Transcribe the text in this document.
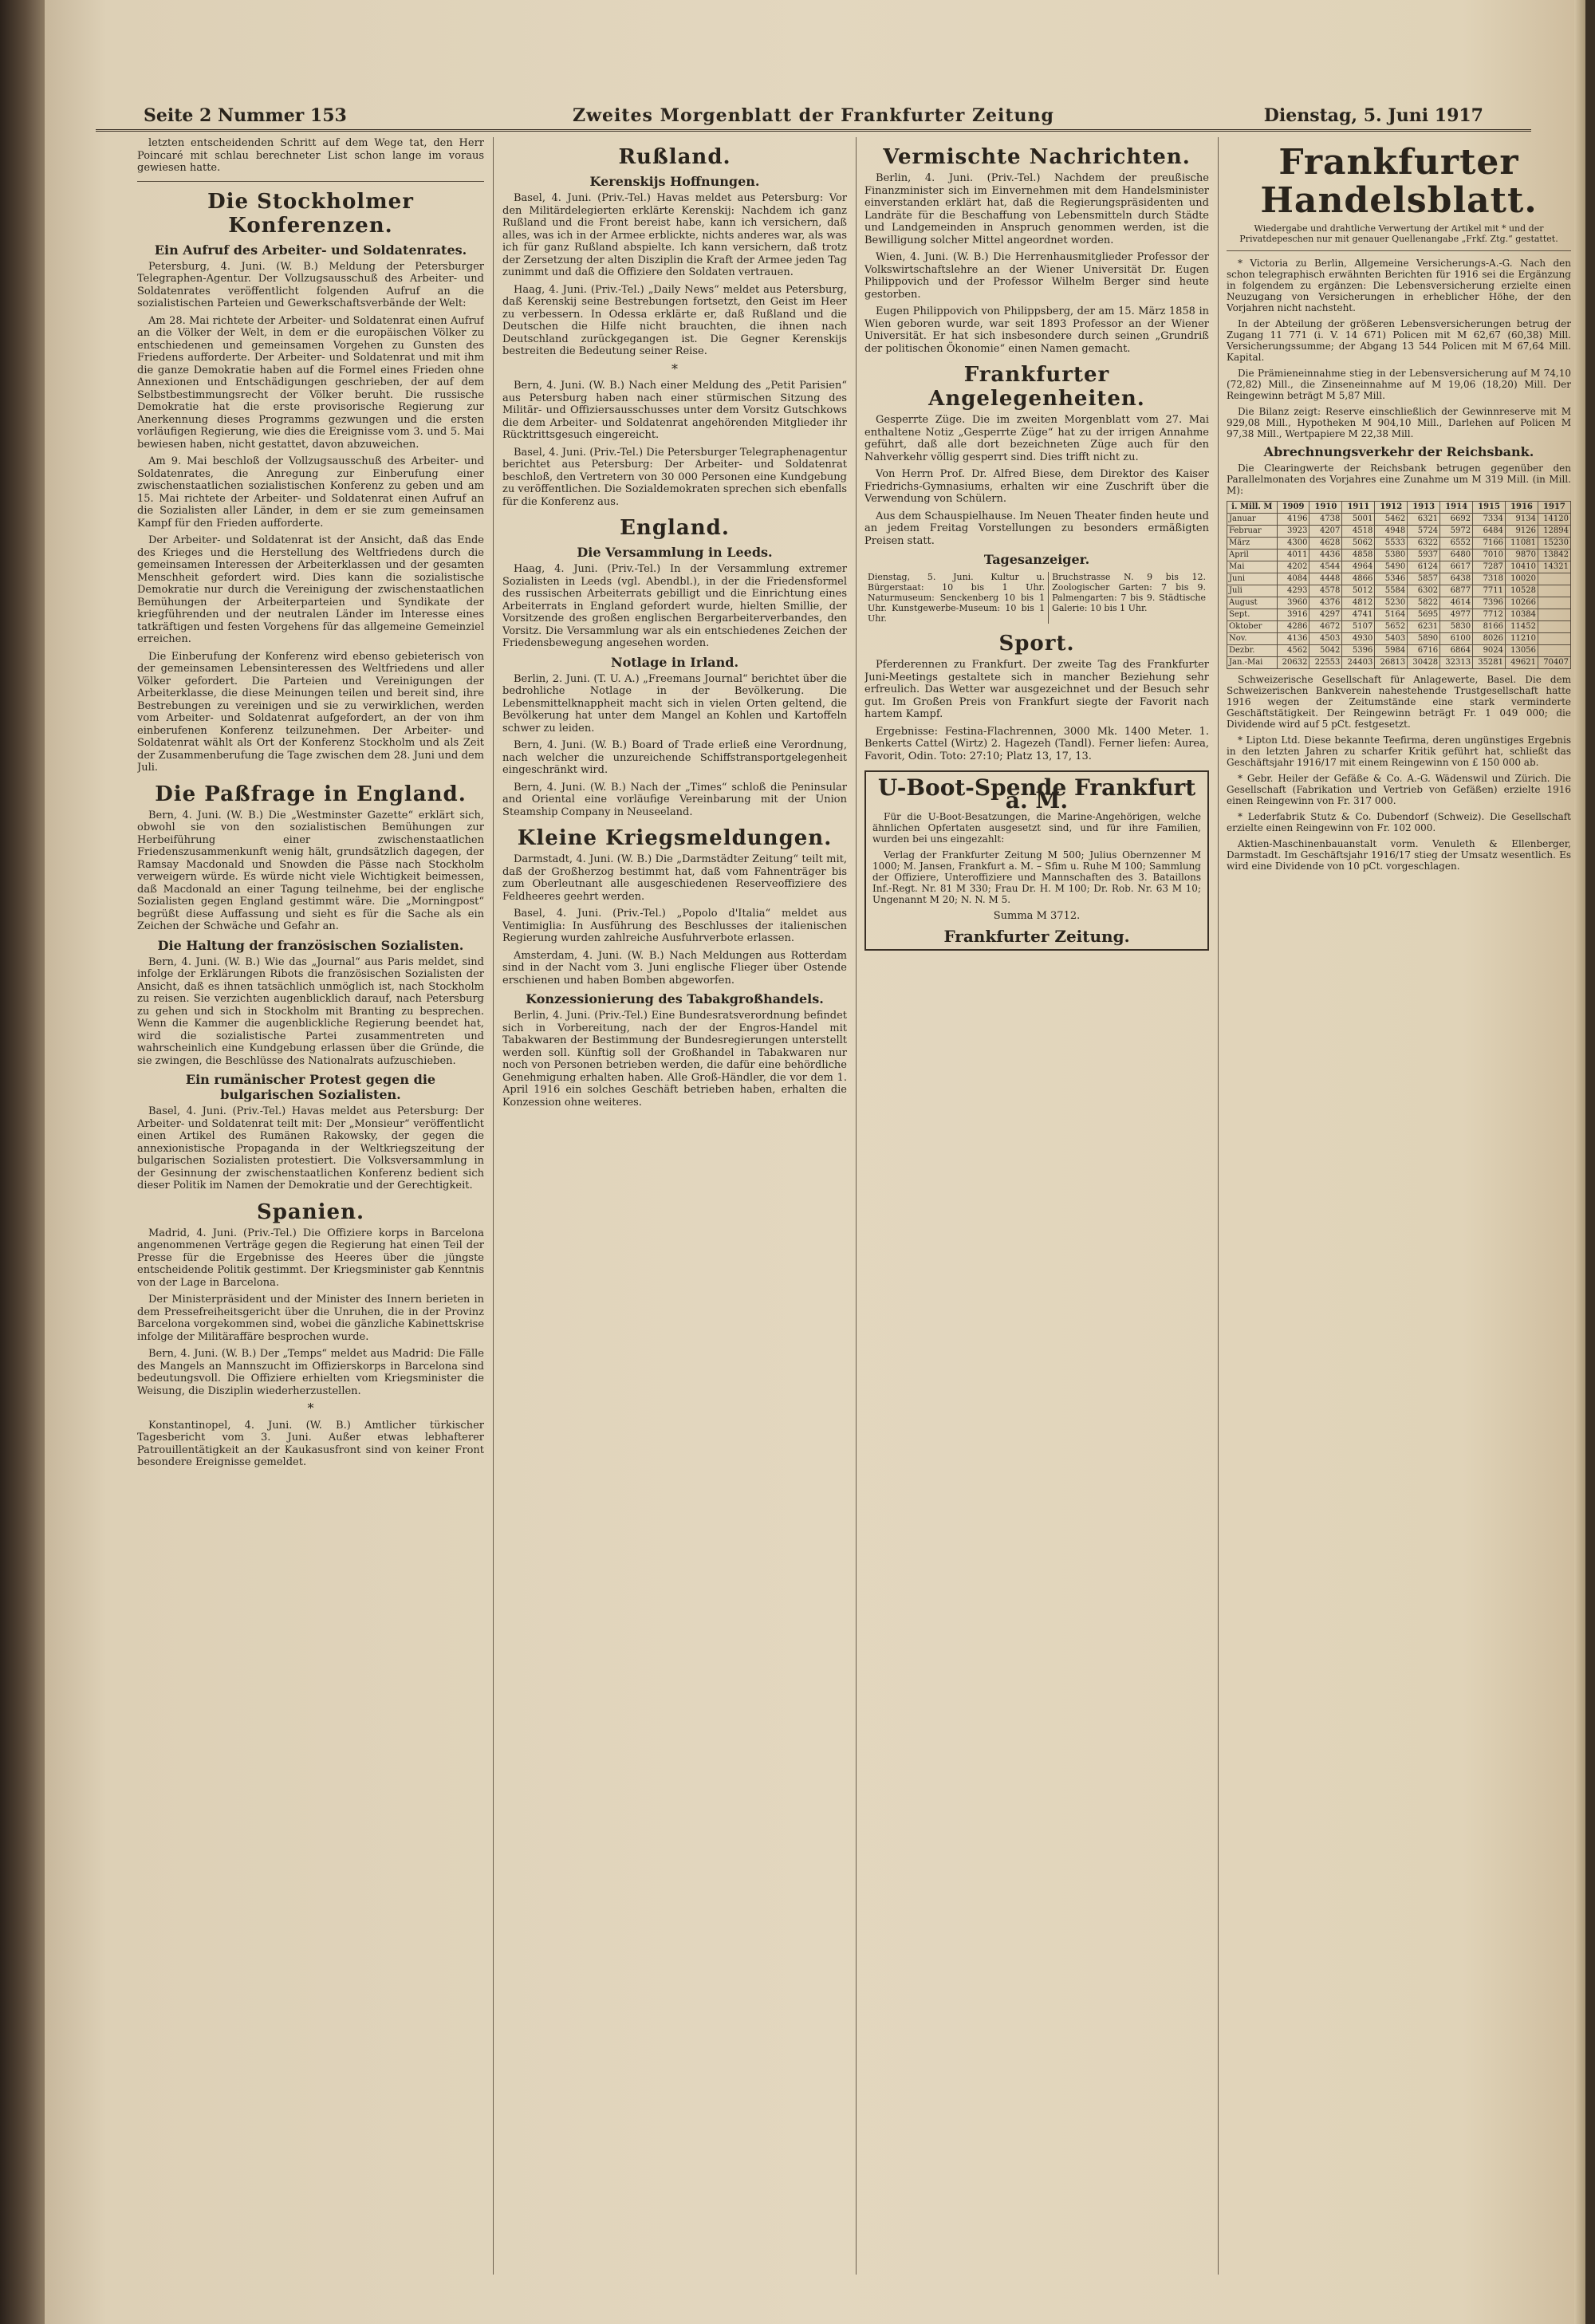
Seite 2 Nummer 153	Zweites Morgenblatt der Frankfurter Zeitung	Dienstag, 5. Juni 1917

letzten entscheidenden Schritt auf dem Wege tat, den Herr Poincaré mit schlau berechneter List schon lange im voraus gewiesen hatte.

Die Stockholmer Konferenzen.
Ein Aufruf des Arbeiter- und Soldatenrates.

Petersburg, 4. Juni. (W. B.) Meldung der Petersburger Telegraphen-Agentur. Der Vollzugsausschuß des Arbeiter- und Soldatenrates veröffentlicht folgenden Aufruf an die sozialistischen Parteien und Gewerkschaftsverbände der Welt:

Am 28. Mai richtete der Arbeiter- und Soldatenrat einen Aufruf an die Völker der Welt, in dem er die europäischen Völker zu entschiedenen und gemeinsamen Vorgehen zu Gunsten des Friedens aufforderte. Der Arbeiter- und Soldatenrat und mit ihm die ganze Demokratie haben auf die Formel eines Frieden ohne Annexionen und Entschädigungen geschrieben, der auf dem Selbstbestimmungsrecht der Völker beruht. Die russische Demokratie hat die erste provisorische Regierung zur Anerkennung dieses Programms gezwungen und die ersten vorläufigen Regierung, wie dies die Ereignisse vom 3. und 5. Mai bewiesen haben, nicht gestattet, davon abzuweichen.

Am 9. Mai beschloß der Vollzugsausschuß des Arbeiter- und Soldatenrates, die Anregung zur Einberufung einer zwischenstaatlichen sozialistischen Konferenz zu geben und am 15. Mai richtete der Arbeiter- und Soldatenrat einen Aufruf an die Sozialisten aller Länder, in dem er sie zum gemeinsamen Kampf für den Frieden aufforderte.

Der Arbeiter- und Soldatenrat ist der Ansicht, daß das Ende des Krieges und die Herstellung des Weltfriedens durch die gemeinsamen Interessen der Arbeiterklassen und der gesamten Menschheit gefordert wird. Dies kann die sozialistische Demokratie nur durch die Vereinigung der zwischenstaatlichen Bemühungen der Arbeiterparteien und Syndikate der kriegführenden und der neutralen Länder im Interesse eines tatkräftigen und festen Vorgehens für das allgemeine Gemeinziel erreichen.

Die Einberufung der Konferenz wird ebenso gebieterisch von der gemeinsamen Lebensinteressen des Weltfriedens und aller Völker gefordert. Die Parteien und Vereinigungen der Arbeiterklasse, die diese Meinungen teilen und bereit sind, ihre Bestrebungen zu vereinigen und sie zu verwirklichen, werden vom Arbeiter- und Soldatenrat aufgefordert, an der von ihm einberufenen Konferenz teilzunehmen. Der Arbeiter- und Soldatenrat wählt als Ort der Konferenz Stockholm und als Zeit der Zusammenberufung die Tage zwischen dem 28. Juni und dem Juli.

Die Paßfrage in England.

Bern, 4. Juni. (W. B.) Die „Westminster Gazette“ erklärt sich, obwohl sie von den sozialistischen Bemühungen zur Herbeiführung einer zwischenstaatlichen Friedenszusammenkunft wenig hält, grundsätzlich dagegen, der Ramsay Macdonald und Snowden die Pässe nach Stockholm verweigern würde. Es würde nicht viele Wichtigkeit beimessen, daß Macdonald an einer Tagung teilnehme, bei der englische Sozialisten gegen England gestimmt wäre. Die „Morningpost“ begrüßt diese Auffassung und sieht es für die Sache als ein Zeichen der Schwäche und Gefahr an.

Die Haltung der französischen Sozialisten.

Bern, 4. Juni. (W. B.) Wie das „Journal“ aus Paris meldet, sind infolge der Erklärungen Ribots die französischen Sozialisten der Ansicht, daß es ihnen tatsächlich unmöglich ist, nach Stockholm zu reisen. Sie verzichten augenblicklich darauf, nach Petersburg zu gehen und sich in Stockholm mit Branting zu besprechen. Wenn die Kammer die augenblickliche Regierung beendet hat, wird die sozialistische Partei zusammentreten und wahrscheinlich eine Kundgebung erlassen über die Gründe, die sie zwingen, die Beschlüsse des Nationalrats aufzuschieben.

Ein rumänischer Protest gegen die bulgarischen Sozialisten.

Basel, 4. Juni. (Priv.-Tel.) Havas meldet aus Petersburg: Der Arbeiter- und Soldatenrat teilt mit: Der „Monsieur“ veröffentlicht einen Artikel des Rumänen Rakowsky, der gegen die annexionistische Propaganda in der Weltkriegszeitung der bulgarischen Sozialisten protestiert. Die Volksversammlung in der Gesinnung der zwischenstaatlichen Konferenz bedient sich dieser Politik im Namen der Demokratie und der Gerechtigkeit.

Spanien.

Madrid, 4. Juni. (Priv.-Tel.) Die Offiziere korps in Barcelona angenommenen Verträge gegen die Regierung hat einen Teil der Presse für die Ergebnisse des Heeres über die jüngste entscheidende Politik gestimmt. Der Kriegsminister gab Kenntnis von der Lage in Barcelona.

Der Ministerpräsident und der Minister des Innern berieten in dem Pressefreiheitsgericht über die Unruhen, die in der Provinz Barcelona vorgekommen sind, wobei die gänzliche Kabinettskrise infolge der Militäraffäre besprochen wurde.

Bern, 4. Juni. (W. B.) Der „Temps“ meldet aus Madrid: Die Fälle des Mangels an Mannszucht im Offizierskorps in Barcelona sind bedeutungsvoll. Die Offiziere erhielten vom Kriegsminister die Weisung, die Disziplin wiederherzustellen.

*

Konstantinopel, 4. Juni. (W. B.) Amtlicher türkischer Tagesbericht vom 3. Juni. Außer etwas lebhafterer Patrouillentätigkeit an der Kaukasusfront sind von keiner Front besondere Ereignisse gemeldet.

Rußland.
Kerenskijs Hoffnungen.

Basel, 4. Juni. (Priv.-Tel.) Havas meldet aus Petersburg: Vor den Militärdelegierten erklärte Kerenskij: Nachdem ich ganz Rußland und die Front bereist habe, kann ich versichern, daß alles, was ich in der Armee erblickte, nichts anderes war, als was ich für ganz Rußland abspielte. Ich kann versichern, daß trotz der Zersetzung der alten Disziplin die Kraft der Armee jeden Tag zunimmt und daß die Offiziere den Soldaten vertrauen.

Haag, 4. Juni. (Priv.-Tel.) „Daily News“ meldet aus Petersburg, daß Kerenskij seine Bestrebungen fortsetzt, den Geist im Heer zu verbessern. In Odessa erklärte er, daß Rußland und die Deutschen die Hilfe nicht brauchten, die ihnen nach Deutschland zurückgegangen ist. Die Gegner Kerenskijs bestreiten die Bedeutung seiner Reise.

*

Bern, 4. Juni. (W. B.) Nach einer Meldung des „Petit Parisien“ aus Petersburg haben nach einer stürmischen Sitzung des Militär- und Offiziersausschusses unter dem Vorsitz Gutschkows die dem Arbeiter- und Soldatenrat angehörenden Mitglieder ihr Rücktrittsgesuch eingereicht.

Basel, 4. Juni. (Priv.-Tel.) Die Petersburger Telegraphenagentur berichtet aus Petersburg: Der Arbeiter- und Soldatenrat beschloß, den Vertretern von 30 000 Personen eine Kundgebung zu veröffentlichen. Die Sozialdemokraten sprechen sich ebenfalls für die Konferenz aus.

England.
Die Versammlung in Leeds.

Haag, 4. Juni. (Priv.-Tel.) In der Versammlung extremer Sozialisten in Leeds (vgl. Abendbl.), in der die Friedensformel des russischen Arbeiterrats gebilligt und die Einrichtung eines Arbeiterrats in England gefordert wurde, hielten Smillie, der Vorsitzende des großen englischen Bergarbeiterverbandes, den Vorsitz. Die Versammlung war als ein entschiedenes Zeichen der Friedensbewegung angesehen worden.

Notlage in Irland.

Berlin, 2. Juni. (T. U. A.) „Freemans Journal“ berichtet über die bedrohliche Notlage in der Bevölkerung. Die Lebensmittelknappheit macht sich in vielen Orten geltend, die Bevölkerung hat unter dem Mangel an Kohlen und Kartoffeln schwer zu leiden.

Bern, 4. Juni. (W. B.) Board of Trade erließ eine Verordnung, nach welcher die unzureichende Schiffstransportgelegenheit eingeschränkt wird.

Bern, 4. Juni. (W. B.) Nach der „Times“ schloß die Peninsular and Oriental eine vorläufige Vereinbarung mit der Union Steamship Company in Neuseeland.

Kleine Kriegsmeldungen.

Darmstadt, 4. Juni. (W. B.) Die „Darmstädter Zeitung“ teilt mit, daß der Großherzog bestimmt hat, daß vom Fahnenträger bis zum Oberleutnant alle ausgeschiedenen Reserveoffiziere des Feldheeres geehrt werden.

Basel, 4. Juni. (Priv.-Tel.) „Popolo d'Italia“ meldet aus Ventimiglia: In Ausführung des Beschlusses der italienischen Regierung wurden zahlreiche Ausfuhrverbote erlassen.

Amsterdam, 4. Juni. (W. B.) Nach Meldungen aus Rotterdam sind in der Nacht vom 3. Juni englische Flieger über Ostende erschienen und haben Bomben abgeworfen.

Konzessionierung des Tabakgroßhandels.

Berlin, 4. Juni. (Priv.-Tel.) Eine Bundesratsverordnung befindet sich in Vorbereitung, nach der der Engros-Handel mit Tabakwaren der Bestimmung der Bundesregierungen unterstellt werden soll. Künftig soll der Großhandel in Tabakwaren nur noch von Personen betrieben werden, die dafür eine behördliche Genehmigung erhalten haben. Alle Groß-Händler, die vor dem 1. April 1916 ein solches Geschäft betrieben haben, erhalten die Konzession ohne weiteres.

Vermischte Nachrichten.

Berlin, 4. Juni. (Priv.-Tel.) Nachdem der preußische Finanzminister sich im Einvernehmen mit dem Handelsminister einverstanden erklärt hat, daß die Regierungspräsidenten und Landräte für die Beschaffung von Lebensmitteln durch Städte und Landgemeinden in Anspruch genommen werden, ist die Bewilligung solcher Mittel angeordnet worden.

Wien, 4. Juni. (W. B.) Die Herrenhausmitglieder Professor der Volkswirtschaftslehre an der Wiener Universität Dr. Eugen Philippovich und der Professor Wilhelm Berger sind heute gestorben.

Eugen Philippovich von Philippsberg, der am 15. März 1858 in Wien geboren wurde, war seit 1893 Professor an der Wiener Universität. Er hat sich insbesondere durch seinen „Grundriß der politischen Ökonomie“ einen Namen gemacht.

Frankfurter Angelegenheiten.

Gesperrte Züge. Die im zweiten Morgenblatt vom 27. Mai enthaltene Notiz „Gesperrte Züge“ hat zu der irrigen Annahme geführt, daß alle dort bezeichneten Züge auch für den Nahverkehr völlig gesperrt sind. Dies trifft nicht zu.

Von Herrn Prof. Dr. Alfred Biese, dem Direktor des Kaiser Friedrichs-Gymnasiums, erhalten wir eine Zuschrift über die Verwendung von Schülern.

Aus dem Schauspielhause. Im Neuen Theater finden heute und an jedem Freitag Vorstellungen zu besonders ermäßigten Preisen statt.

Tagesanzeiger.
Dienstag, 5. Juni. Kultur u. Bürgerstaat: 10 bis 1 Uhr. Naturmuseum: Senckenberg 10 bis 1 Uhr. Kunstgewerbe-Museum: 10 bis 1 Uhr.	Bruchstrasse N. 9 bis 12. Zoologischer Garten: 7 bis 9. Palmengarten: 7 bis 9. Städtische Galerie: 10 bis 1 Uhr.
Sport.

Pferderennen zu Frankfurt. Der zweite Tag des Frankfurter Juni-Meetings gestaltete sich in mancher Beziehung sehr erfreulich. Das Wetter war ausgezeichnet und der Besuch sehr gut. Im Großen Preis von Frankfurt siegte der Favorit nach hartem Kampf.

Ergebnisse: Festina-Flachrennen, 3000 Mk. 1400 Meter. 1. Benkerts Cattel (Wirtz) 2. Hagezeh (Tandl). Ferner liefen: Aurea, Favorit, Odin. Toto: 27:10; Platz 13, 17, 13.

U-Boot-Spende Frankfurt a. M.

Für die U-Boot-Besatzungen, die Marine-Angehörigen, welche ähnlichen Opfertaten ausgesetzt sind, und für ihre Familien, wurden bei uns eingezahlt:

Verlag der Frankfurter Zeitung M 500; Julius Obernzenner M 1000; M. Jansen, Frankfurt a. M. – Sfim u. Ruhe M 100; Sammlung der Offiziere, Unteroffiziere und Mannschaften des 3. Bataillons Inf.-Regt. Nr. 81 M 330; Frau Dr. H. M 100; Dr. Rob. Nr. 63 M 10; Ungenannt M 20; N. N. M 5.

Summa M 3712.
Frankfurter Zeitung.
Frankfurter Handelsblatt.
Wiedergabe und drahtliche Verwertung der Artikel mit * und der Privatdepeschen nur mit genauer Quellenangabe „Frkf. Ztg.“ gestattet.

* Victoria zu Berlin, Allgemeine Versicherungs-A.-G. Nach den schon telegraphisch erwähnten Berichten für 1916 sei die Ergänzung in folgendem zu ergänzen: Die Lebensversicherung erzielte einen Neuzugang von Versicherungen in erheblicher Höhe, der den Vorjahren nicht nachsteht.

In der Abteilung der größeren Lebensversicherungen betrug der Zugang 11 771 (i. V. 14 671) Policen mit M 62,67 (60,38) Mill. Versicherungssumme; der Abgang 13 544 Policen mit M 67,64 Mill. Kapital.

Die Prämieneinnahme stieg in der Lebensversicherung auf M 74,10 (72,82) Mill., die Zinseneinnahme auf M 19,06 (18,20) Mill. Der Reingewinn beträgt M 5,87 Mill.

Die Bilanz zeigt: Reserve einschließlich der Gewinnreserve mit M 929,08 Mill., Hypotheken M 904,10 Mill., Darlehen auf Policen M 97,38 Mill., Wertpapiere M 22,38 Mill.

Abrechnungsverkehr der Reichsbank.

Die Clearingwerte der Reichsbank betrugen gegenüber den Parallelmonaten des Vorjahres eine Zunahme um M 319 Mill. (in Mill. M):

i. Mill. M	1909	1910	1911	1912	1913	1914	1915	1916	1917
Januar	4196	4738	5001	5462	6321	6692	7334	9134	14120
Februar	3923	4207	4518	4948	5724	5972	6484	9126	12894
März	4300	4628	5062	5533	6322	6552	7166	11081	15230
April	4011	4436	4858	5380	5937	6480	7010	9870	13842
Mai	4202	4544	4964	5490	6124	6617	7287	10410	14321
Juni	4084	4448	4866	5346	5857	6438	7318	10020	
Juli	4293	4578	5012	5584	6302	6877	7711	10528	
August	3960	4376	4812	5230	5822	4614	7396	10266	
Sept.	3916	4297	4741	5164	5695	4977	7712	10384	
Oktober	4286	4672	5107	5652	6231	5830	8166	11452	
Nov.	4136	4503	4930	5403	5890	6100	8026	11210	
Dezbr.	4562	5042	5396	5984	6716	6864	9024	13056	
Jan.-Mai	20632	22553	24403	26813	30428	32313	35281	49621	70407

Schweizerische Gesellschaft für Anlagewerte, Basel. Die dem Schweizerischen Bankverein nahestehende Trustgesellschaft hatte 1916 wegen der Zeitumstände eine stark verminderte Geschäftstätigkeit. Der Reingewinn beträgt Fr. 1 049 000; die Dividende wird auf 5 pCt. festgesetzt.

* Lipton Ltd. Diese bekannte Teefirma, deren ungünstiges Ergebnis in den letzten Jahren zu scharfer Kritik geführt hat, schließt das Geschäftsjahr 1916/17 mit einem Reingewinn von £ 150 000 ab.

* Gebr. Heiler der Gefäße & Co. A.-G. Wädenswil und Zürich. Die Gesellschaft (Fabrikation und Vertrieb von Gefäßen) erzielte 1916 einen Reingewinn von Fr. 317 000.

* Lederfabrik Stutz & Co. Dubendorf (Schweiz). Die Gesellschaft erzielte einen Reingewinn von Fr. 102 000.

Aktien-Maschinenbauanstalt vorm. Venuleth & Ellenberger, Darmstadt. Im Geschäftsjahr 1916/17 stieg der Umsatz wesentlich. Es wird eine Dividende von 10 pCt. vorgeschlagen.
